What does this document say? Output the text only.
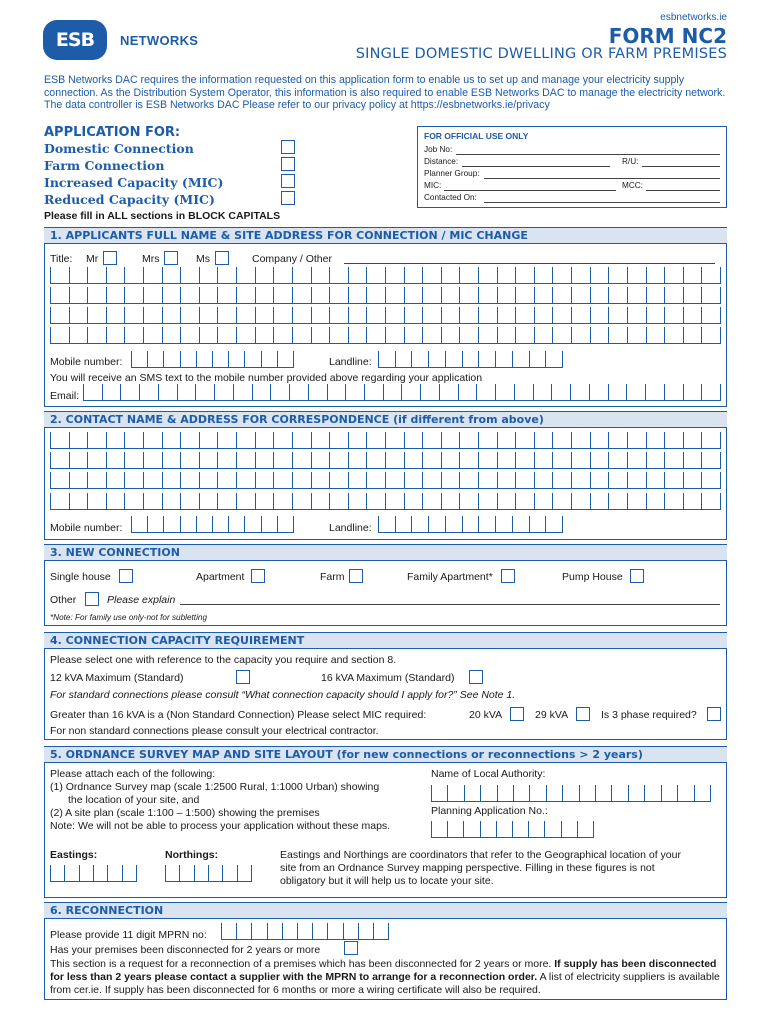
ESB NETWORKS
esbnetworks.ie
FORM NC2
SINGLE DOMESTIC DWELLING OR FARM PREMISES
ESB Networks DAC requires the information requested on this application form to enable us to set up and manage your electricity supply connection. As the Distribution System Operator, this information is also required to enable ESB Networks DAC to manage the electricity network. The data controller is ESB Networks DAC Please refer to our privacy policy at https://esbnetworks.ie/privacy
APPLICATION FOR:
Domestic Connection
Farm Connection
Increased Capacity (MIC)
Reduced Capacity (MIC)
Please fill in ALL sections in BLOCK CAPITALS
FOR OFFICIAL USE ONLY
Job No:
Distance:	R/U:
Planner Group:
MIC:	MCC:
Contacted On:
1. APPLICANTS FULL NAME & SITE ADDRESS FOR CONNECTION / MIC CHANGE
Title: Mr	Mrs	Ms	Company / Other
Mobile number:	Landline:
You will receive an SMS text to the mobile number provided above regarding your application
Email:
2. CONTACT NAME & ADDRESS FOR CORRESPONDENCE (if different from above)
Mobile number:	Landline:
3. NEW CONNECTION
Single house	Apartment	Farm	Family Apartment*	Pump House
Other	Please explain
*Note: For family use only-not for subletting
4. CONNECTION CAPACITY REQUIREMENT
Please select one with reference to the capacity you require and section 8.
12 kVA Maximum (Standard)	16 kVA Maximum (Standard)
For standard connections please consult “What connection capacity should I apply for?” See Note 1.
Greater than 16 kVA is a (Non Standard Connection) Please select MIC required:	20 kVA	29 kVA	Is 3 phase required?
For non standard connections please consult your electrical contractor.
5. ORDNANCE SURVEY MAP AND SITE LAYOUT (for new connections or reconnections > 2 years)
Please attach each of the following:
(1) Ordnance Survey map (scale 1:2500 Rural, 1:1000 Urban) showing
the location of your site, and
(2) A site plan (scale 1:100 – 1:500) showing the premises
Note: We will not be able to process your application without these maps.
Name of Local Authority:
Planning Application No.:
Eastings:	Northings:	Eastings and Northings are coordinators that refer to the Geographical location of your site from an Ordnance Survey mapping perspective. Filling in these figures is not obligatory but it will help us to locate your site.
6. RECONNECTION
Please provide 11 digit MPRN no:
Has your premises been disconnected for 2 years or more
This section is a request for a reconnection of a premises which has been disconnected for 2 years or more. If supply has been disconnected for less than 2 years please contact a supplier with the MPRN to arrange for a reconnection order. A list of electricity suppliers is available from cer.ie. If supply has been disconnected for 6 months or more a wiring certificate will also be required.
